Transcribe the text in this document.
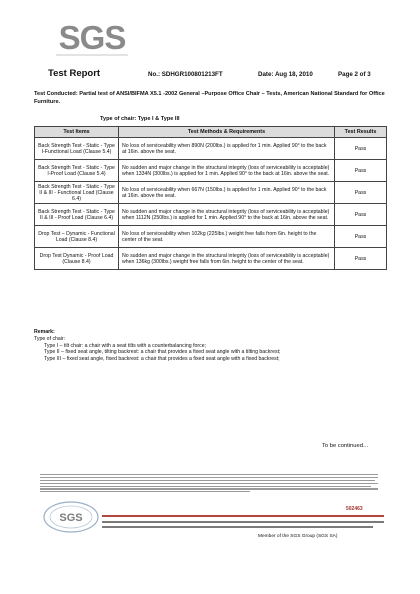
SGS
Test Report	No.: SDHGR100801213FT	Date: Aug 18, 2010	Page 2 of 3
Test Conducted: Partial test of ANSI/BIFMA X5.1 -2002 General –Purpose Office Chair – Tests, American National Standard for Office Furniture.
Type of chair: Type I & Type III
Test Items	Test Methods & Requirements	Test Results
Back Strength Test - Static - Type I-Functional Load (Clause 5.4)	No loss of serviceability when 890N (200lbs.) is applied for 1 min. Applied 90° to the back at 16in. above the seat.	Pass
Back Strength Test - Static - Type I-Proof Load (Clause 5.4)	No sudden and major change in the structural integrity (loss of serviceability is acceptable) when 1334N (300lbs.) is applied for 1 min. Applied 90° to the back at 16in. above the seat.	Pass
Back Strength Test - Static - Type II & III - Functional Load (Clause 6.4)	No loss of serviceability when 667N (150lbs.) is applied for 1 min. Applied 90° to the back at 16in. above the seat.	Pass
Back Strength Test - Static - Type II & III - Proof Load (Clause 6.4)	No sudden and major change in the structural integrity (loss of serviceability is acceptable) when 1112N (250lbs.) is applied for 1 min. Applied 90° to the back at 16in. above the seat.	Pass
Drop Test – Dynamic - Functional Load (Clause 8.4)	No loss of serviceability when 102kg (225lbs.) weight free falls from 6in. height to the center of the seat.	Pass
Drop Test Dynamic - Proof Load (Clause 8.4)	No sudden and major change in the structural integrity (loss of serviceability is acceptable) when 136kg (300lbs.) weight free falls from 6in. height to the center of the seat.	Pass
Remark:
Type of chair:
Type I – tilt chair: a chair with a seat tilts with a counterbalancing force;
Type II – fixed seat angle, tilting backrest: a chair that provides a fixed seat angle with a tilting backrest;
Type III – fixed seat angle, fixed backrest: a chair that provides a fixed seat angle with a fixed backrest;
To be continued…
SGS
502463
Member of the SGS Group (SGS SA)
